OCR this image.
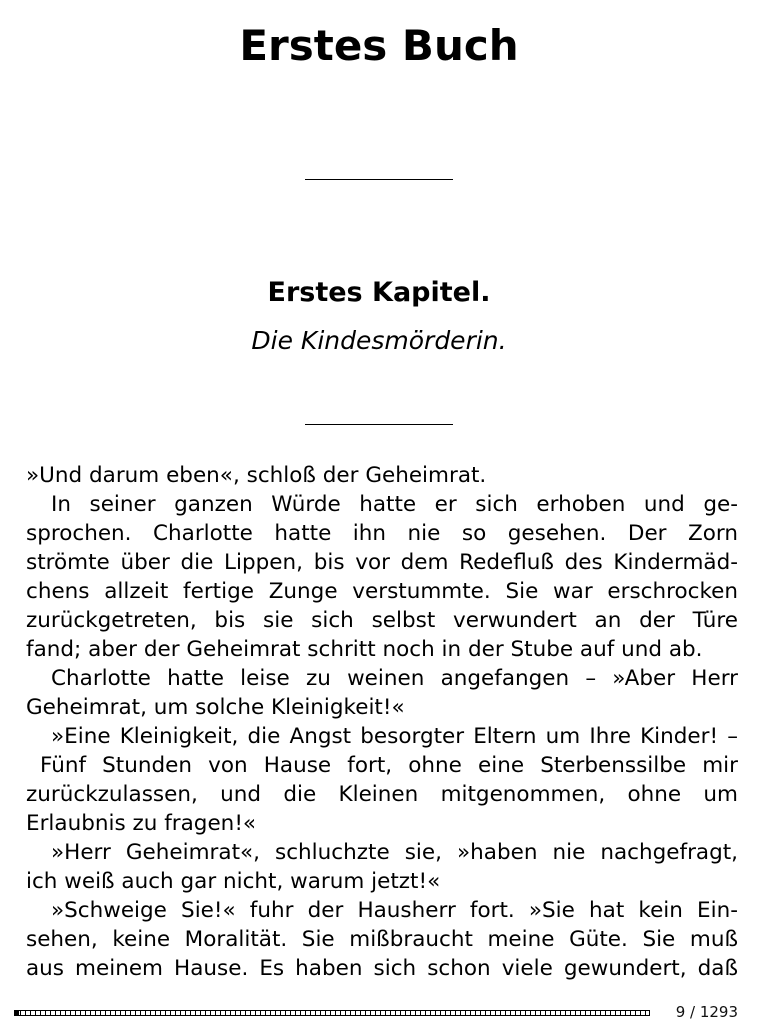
Erstes Buch
Erstes Kapitel.
Die Kindesmörderin.
»Und darum eben«, schloß der Geheimrat.
In seiner ganzen Würde hatte er sich erhoben und ge-
sprochen. Charlotte hatte ihn nie so gesehen. Der Zorn
strömte über die Lippen, bis vor dem Redefluß des Kindermäd-
chens allzeit fertige Zunge verstummte. Sie war erschrocken
zurückgetreten, bis sie sich selbst verwundert an der Türe
fand; aber der Geheimrat schritt noch in der Stube auf und ab.
Charlotte hatte leise zu weinen angefangen – »Aber Herr
Geheimrat, um solche Kleinigkeit!«
»Eine Kleinigkeit, die Angst besorgter Eltern um Ihre Kinder! –
Fünf Stunden von Hause fort, ohne eine Sterbenssilbe mir
zurückzulassen, und die Kleinen mitgenommen, ohne um
Erlaubnis zu fragen!«
»Herr Geheimrat«, schluchzte sie, »haben nie nachgefragt,
ich weiß auch gar nicht, warum jetzt!«
»Schweige Sie!« fuhr der Hausherr fort. »Sie hat kein Ein-
sehen, keine Moralität. Sie mißbraucht meine Güte. Sie muß
aus meinem Hause. Es haben sich schon viele gewundert, daß
9 / 1293
